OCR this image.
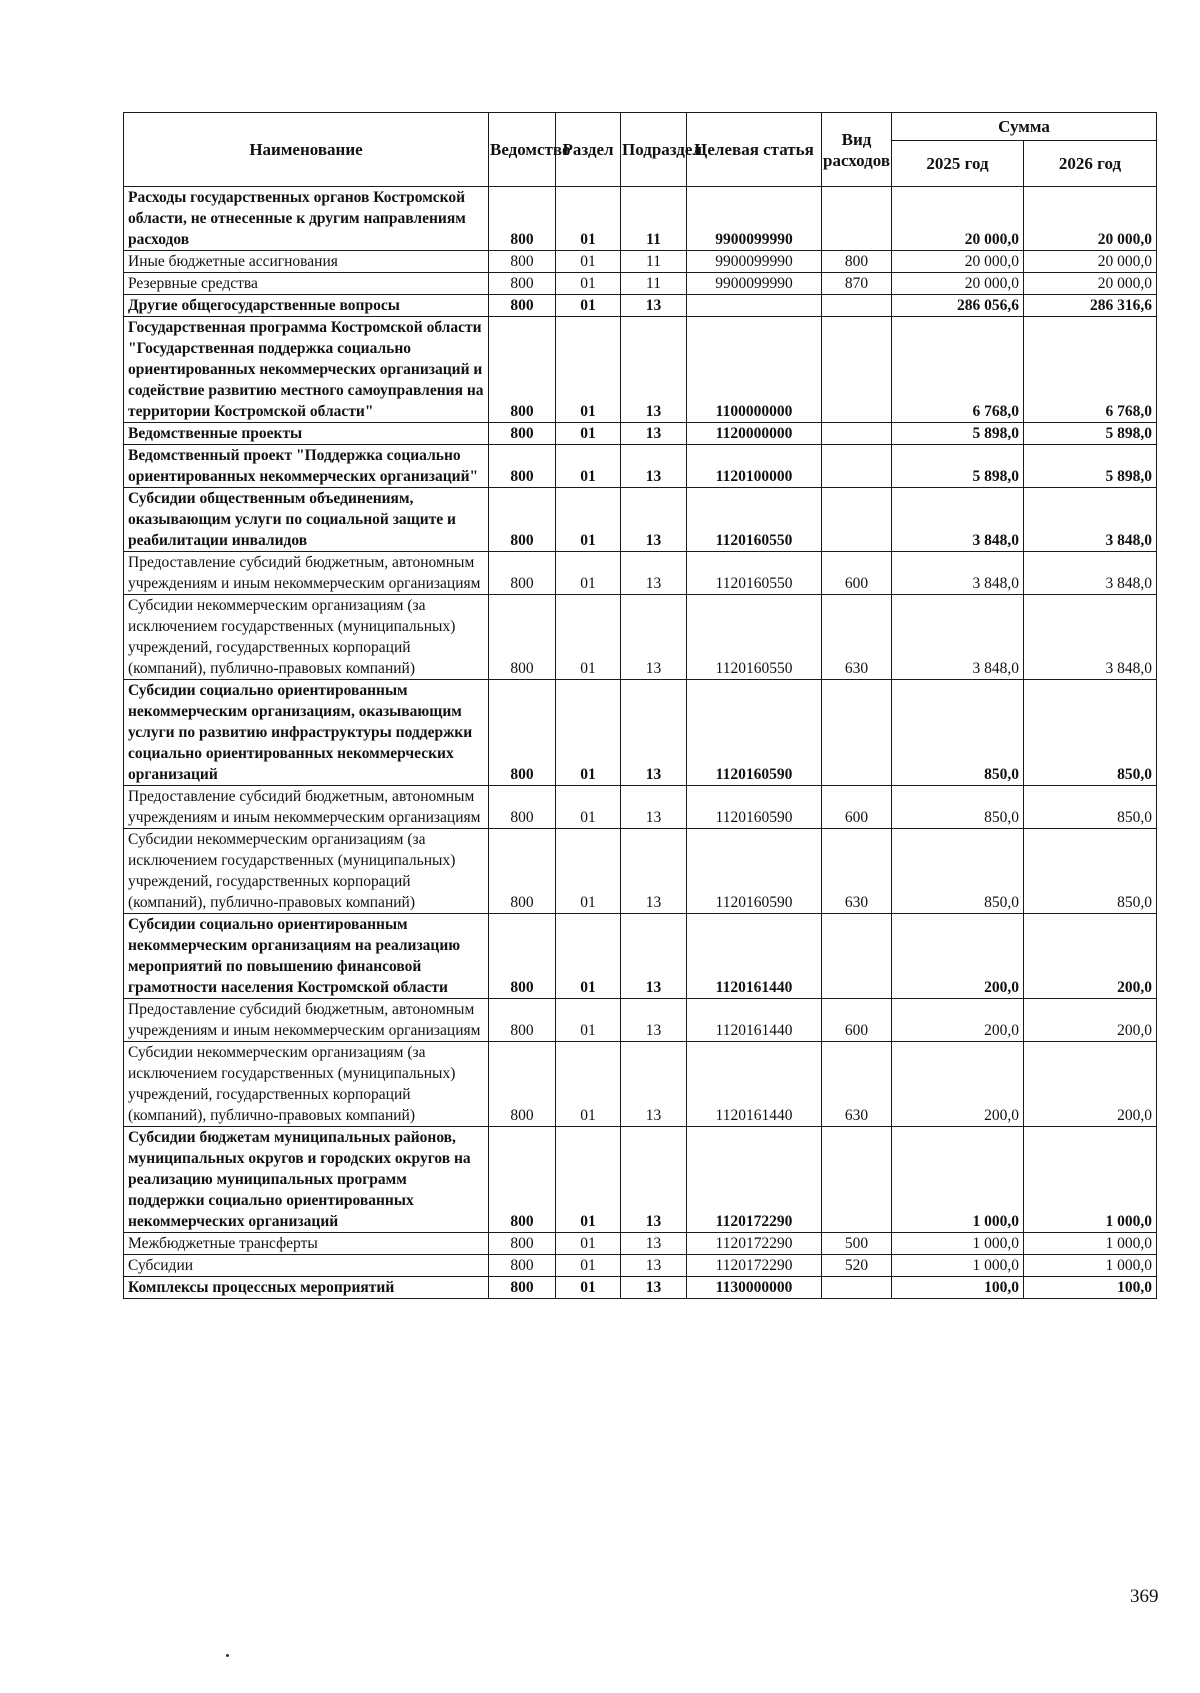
Наименование	Ведомство	Раздел	Подраздел	Целевая статья	Вид расходов	Сумма	
						2025 год	2026 год
Расходы государственных органов Костромской области, не отнесенные к другим направлениям расходов	800	01	11	9900099990		20 000,0	20 000,0
Иные бюджетные ассигнования	800	01	11	9900099990	800	20 000,0	20 000,0
Резервные средства	800	01	11	9900099990	870	20 000,0	20 000,0
Другие общегосударственные вопросы	800	01	13			286 056,6	286 316,6
Государственная программа Костромской области "Государственная поддержка социально ориентированных некоммерческих организаций и содействие развитию местного самоуправления на территории Костромской области"	800	01	13	1100000000		6 768,0	6 768,0
Ведомственные проекты	800	01	13	1120000000		5 898,0	5 898,0
Ведомственный проект "Поддержка социально ориентированных некоммерческих организаций"	800	01	13	1120100000		5 898,0	5 898,0
Субсидии общественным объединениям, оказывающим услуги по социальной защите и реабилитации инвалидов	800	01	13	1120160550		3 848,0	3 848,0
Предоставление субсидий бюджетным, автономным учреждениям и иным некоммерческим организациям	800	01	13	1120160550	600	3 848,0	3 848,0
Субсидии некоммерческим организациям (за исключением государственных (муниципальных) учреждений, государственных корпораций (компаний), публично-правовых компаний)	800	01	13	1120160550	630	3 848,0	3 848,0
Субсидии социально ориентированным некоммерческим организациям, оказывающим услуги по развитию инфраструктуры поддержки социально ориентированных некоммерческих организаций	800	01	13	1120160590		850,0	850,0
Предоставление субсидий бюджетным, автономным учреждениям и иным некоммерческим организациям	800	01	13	1120160590	600	850,0	850,0
Субсидии некоммерческим организациям (за исключением государственных (муниципальных) учреждений, государственных корпораций (компаний), публично-правовых компаний)	800	01	13	1120160590	630	850,0	850,0
Субсидии социально ориентированным некоммерческим организациям на реализацию мероприятий по повышению финансовой грамотности населения Костромской области	800	01	13	1120161440		200,0	200,0
Предоставление субсидий бюджетным, автономным учреждениям и иным некоммерческим организациям	800	01	13	1120161440	600	200,0	200,0
Субсидии некоммерческим организациям (за исключением государственных (муниципальных) учреждений, государственных корпораций (компаний), публично-правовых компаний)	800	01	13	1120161440	630	200,0	200,0
Субсидии бюджетам муниципальных районов, муниципальных округов и городских округов на реализацию муниципальных программ поддержки социально ориентированных некоммерческих организаций	800	01	13	1120172290		1 000,0	1 000,0
Межбюджетные трансферты	800	01	13	1120172290	500	1 000,0	1 000,0
Субсидии	800	01	13	1120172290	520	1 000,0	1 000,0
Комплексы процессных мероприятий	800	01	13	1130000000		100,0	100,0
369
